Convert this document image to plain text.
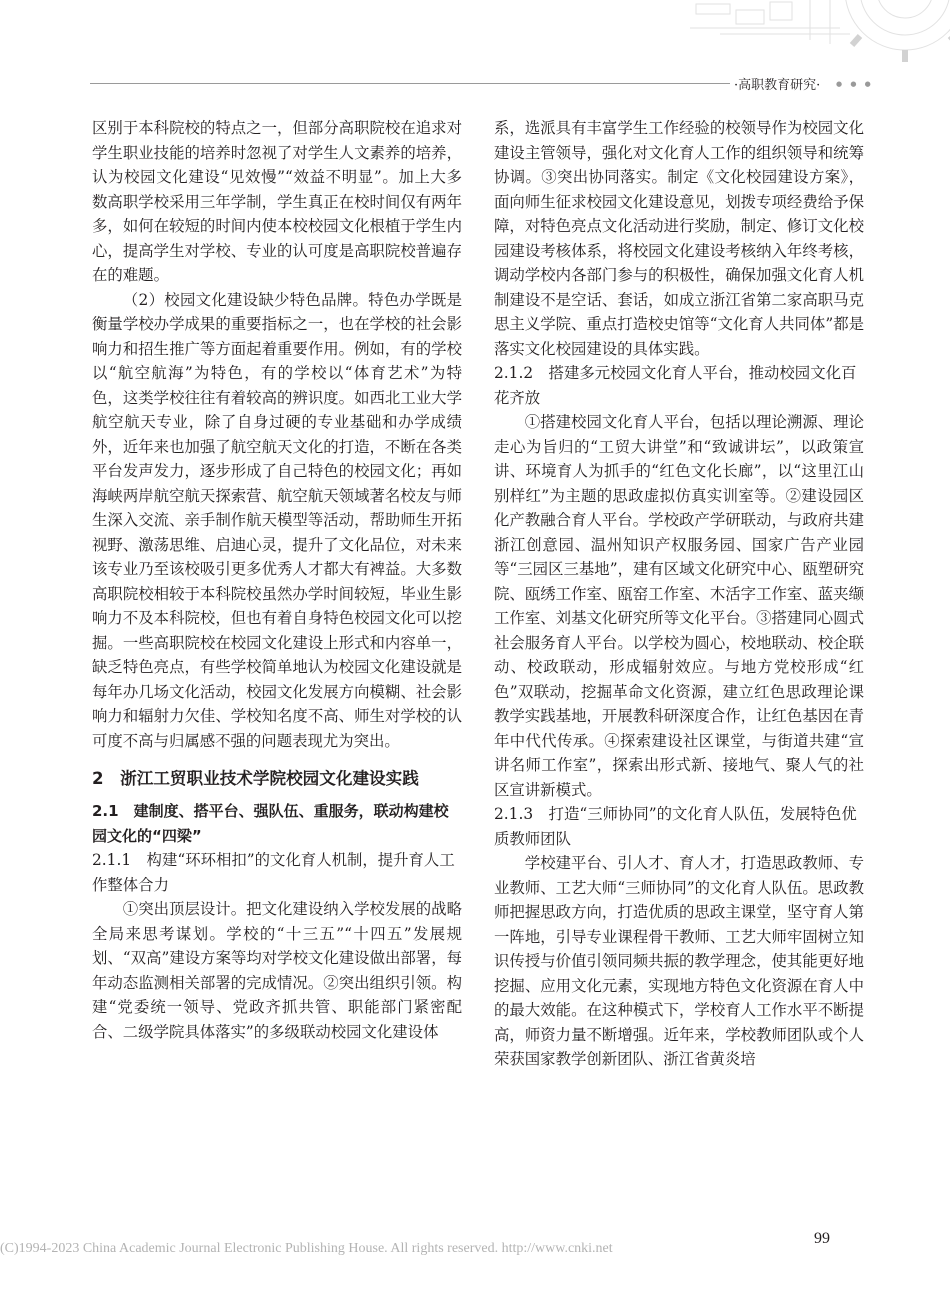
·高职教育研究· ● ● ●

区别于本科院校的特点之一，但部分高职院校在追求对学生职业技能的培养时忽视了对学生人文素养的培养，认为校园文化建设“见效慢”“效益不明显”。加上大多数高职学校采用三年学制，学生真正在校时间仅有两年多，如何在较短的时间内使本校校园文化根植于学生内心，提高学生对学校、专业的认可度是高职院校普遍存在的难题。

（2）校园文化建设缺少特色品牌。特色办学既是衡量学校办学成果的重要指标之一，也在学校的社会影响力和招生推广等方面起着重要作用。例如，有的学校以“航空航海”为特色，有的学校以“体育艺术”为特色，这类学校往往有着较高的辨识度。如西北工业大学航空航天专业，除了自身过硬的专业基础和办学成绩外，近年来也加强了航空航天文化的打造，不断在各类平台发声发力，逐步形成了自己特色的校园文化；再如海峡两岸航空航天探索营、航空航天领域著名校友与师生深入交流、亲手制作航天模型等活动，帮助师生开拓视野、激荡思维、启迪心灵，提升了文化品位，对未来该专业乃至该校吸引更多优秀人才都大有裨益。大多数高职院校相较于本科院校虽然办学时间较短，毕业生影响力不及本科院校，但也有着自身特色校园文化可以挖掘。一些高职院校在校园文化建设上形式和内容单一，缺乏特色亮点，有些学校简单地认为校园文化建设就是每年办几场文化活动，校园文化发展方向模糊、社会影响力和辐射力欠佳、学校知名度不高、师生对学校的认可度不高与归属感不强的问题表现尤为突出。

2　浙江工贸职业技术学院校园文化建设实践
2.1　建制度、搭平台、强队伍、重服务，联动构建校园文化的“四梁”
2.1.1　构建“环环相扣”的文化育人机制，提升育人工作整体合力

①突出顶层设计。把文化建设纳入学校发展的战略全局来思考谋划。学校的“十三五”“十四五”发展规划、“双高”建设方案等均对学校文化建设做出部署，每年动态监测相关部署的完成情况。②突出组织引领。构建“党委统一领导、党政齐抓共管、职能部门紧密配合、二级学院具体落实”的多级联动校园文化建设体

系，选派具有丰富学生工作经验的校领导作为校园文化建设主管领导，强化对文化育人工作的组织领导和统筹协调。③突出协同落实。制定《文化校园建设方案》，面向师生征求校园文化建设意见，划拨专项经费给予保障，对特色亮点文化活动进行奖励，制定、修订文化校园建设考核体系，将校园文化建设考核纳入年终考核，调动学校内各部门参与的积极性，确保加强文化育人机制建设不是空话、套话，如成立浙江省第二家高职马克思主义学院、重点打造校史馆等“文化育人共同体”都是落实文化校园建设的具体实践。

2.1.2　搭建多元校园文化育人平台，推动校园文化百花齐放

①搭建校园文化育人平台，包括以理论溯源、理论走心为旨归的“工贸大讲堂”和“致诚讲坛”，以政策宣讲、环境育人为抓手的“红色文化长廊”，以“这里江山别样红”为主题的思政虚拟仿真实训室等。②建设园区化产教融合育人平台。学校政产学研联动，与政府共建浙江创意园、温州知识产权服务园、国家广告产业园等“三园区三基地”，建有区域文化研究中心、瓯塑研究院、瓯绣工作室、瓯窑工作室、木活字工作室、蓝夹缬工作室、刘基文化研究所等文化平台。③搭建同心圆式社会服务育人平台。以学校为圆心，校地联动、校企联动、校政联动，形成辐射效应。与地方党校形成“红色”双联动，挖掘革命文化资源，建立红色思政理论课教学实践基地，开展教科研深度合作，让红色基因在青年中代代传承。④探索建设社区课堂，与街道共建“宣讲名师工作室”，探索出形式新、接地气、聚人气的社区宣讲新模式。

2.1.3　打造“三师协同”的文化育人队伍，发展特色优质教师团队

学校建平台、引人才、育人才，打造思政教师、专业教师、工艺大师“三师协同”的文化育人队伍。思政教师把握思政方向，打造优质的思政主课堂，坚守育人第一阵地，引导专业课程骨干教师、工艺大师牢固树立知识传授与价值引领同频共振的教学理念，使其能更好地挖掘、应用文化元素，实现地方特色文化资源在育人中的最大效能。在这种模式下，学校育人工作水平不断提高，师资力量不断增强。近年来，学校教师团队或个人荣获国家教学创新团队、浙江省黄炎培

(C)1994-2023 China Academic Journal Electronic Publishing House. All rights reserved. http://www.cnki.net
99
